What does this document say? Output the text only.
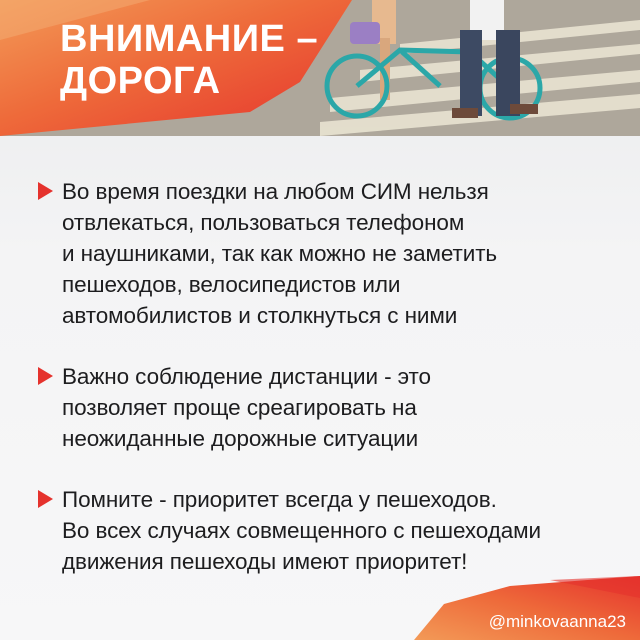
ВНИМАНИЕ –
ДОРОГА
Во время поездки на любом СИМ нельзя
отвлекаться, пользоваться телефоном
и наушниками, так как можно не заметить
пешеходов, велосипедистов или
автомобилистов и столкнуться с ними
Важно соблюдение дистанции - это
позволяет проще среагировать на
неожиданные дорожные ситуации
Помните - приоритет всегда у пешеходов.
Во всех случаях совмещенного с пешеходами
движения пешеходы имеют приоритет!

@minkovaanna23
